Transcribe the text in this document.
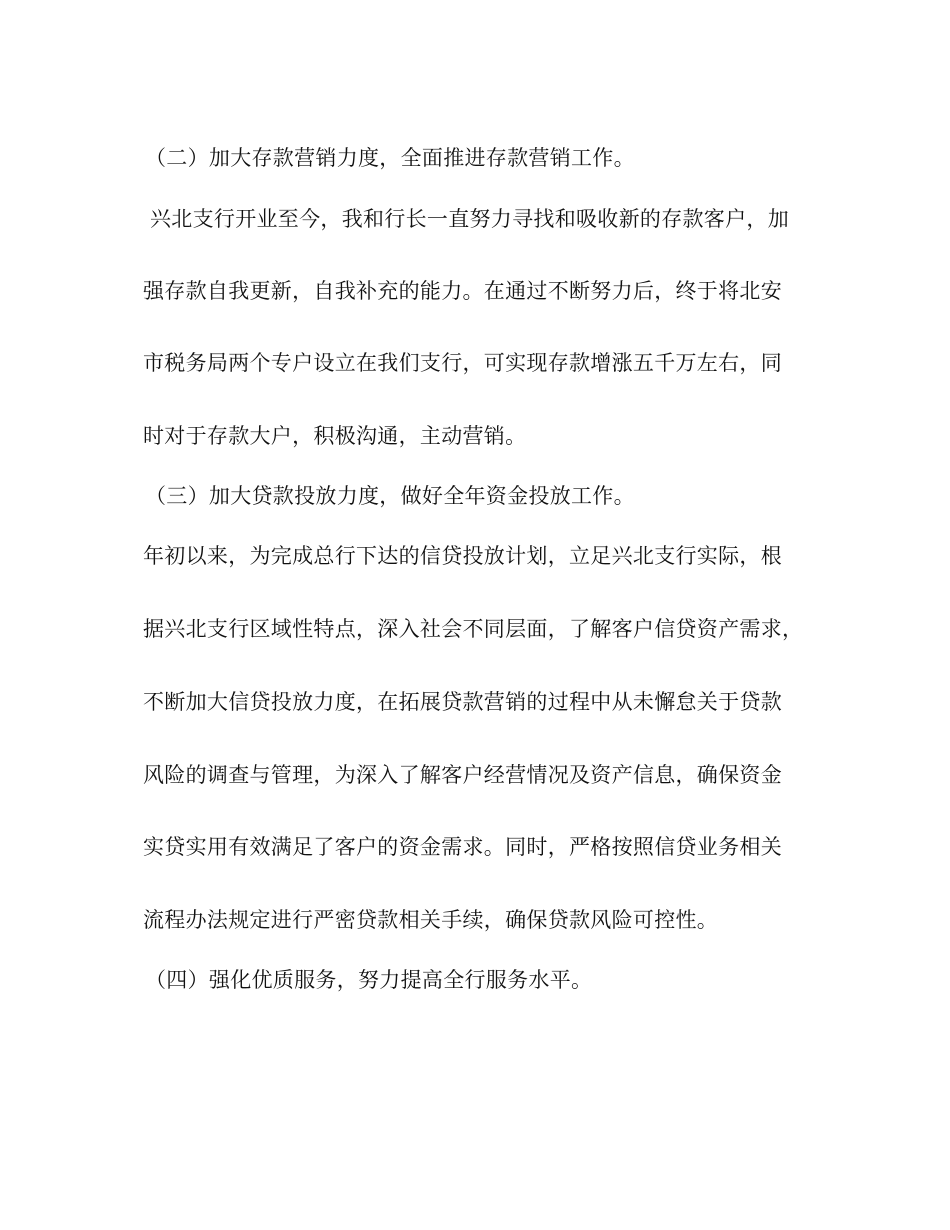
（二）加大存款营销力度，全面推进存款营销工作。
兴北支行开业至今，我和行长一直努力寻找和吸收新的存款客户，加
强存款自我更新，自我补充的能力。在通过不断努力后，终于将北安
市税务局两个专户设立在我们支行，可实现存款增涨五千万左右，同
时对于存款大户，积极沟通，主动营销。
（三）加大贷款投放力度，做好全年资金投放工作。
年初以来，为完成总行下达的信贷投放计划，立足兴北支行实际，根
据兴北支行区域性特点，深入社会不同层面，了解客户信贷资产需求，
不断加大信贷投放力度，在拓展贷款营销的过程中从未懈怠关于贷款
风险的调查与管理，为深入了解客户经营情况及资产信息，确保资金
实贷实用有效满足了客户的资金需求。同时，严格按照信贷业务相关
流程办法规定进行严密贷款相关手续，确保贷款风险可控性。
（四）强化优质服务，努力提高全行服务水平。
